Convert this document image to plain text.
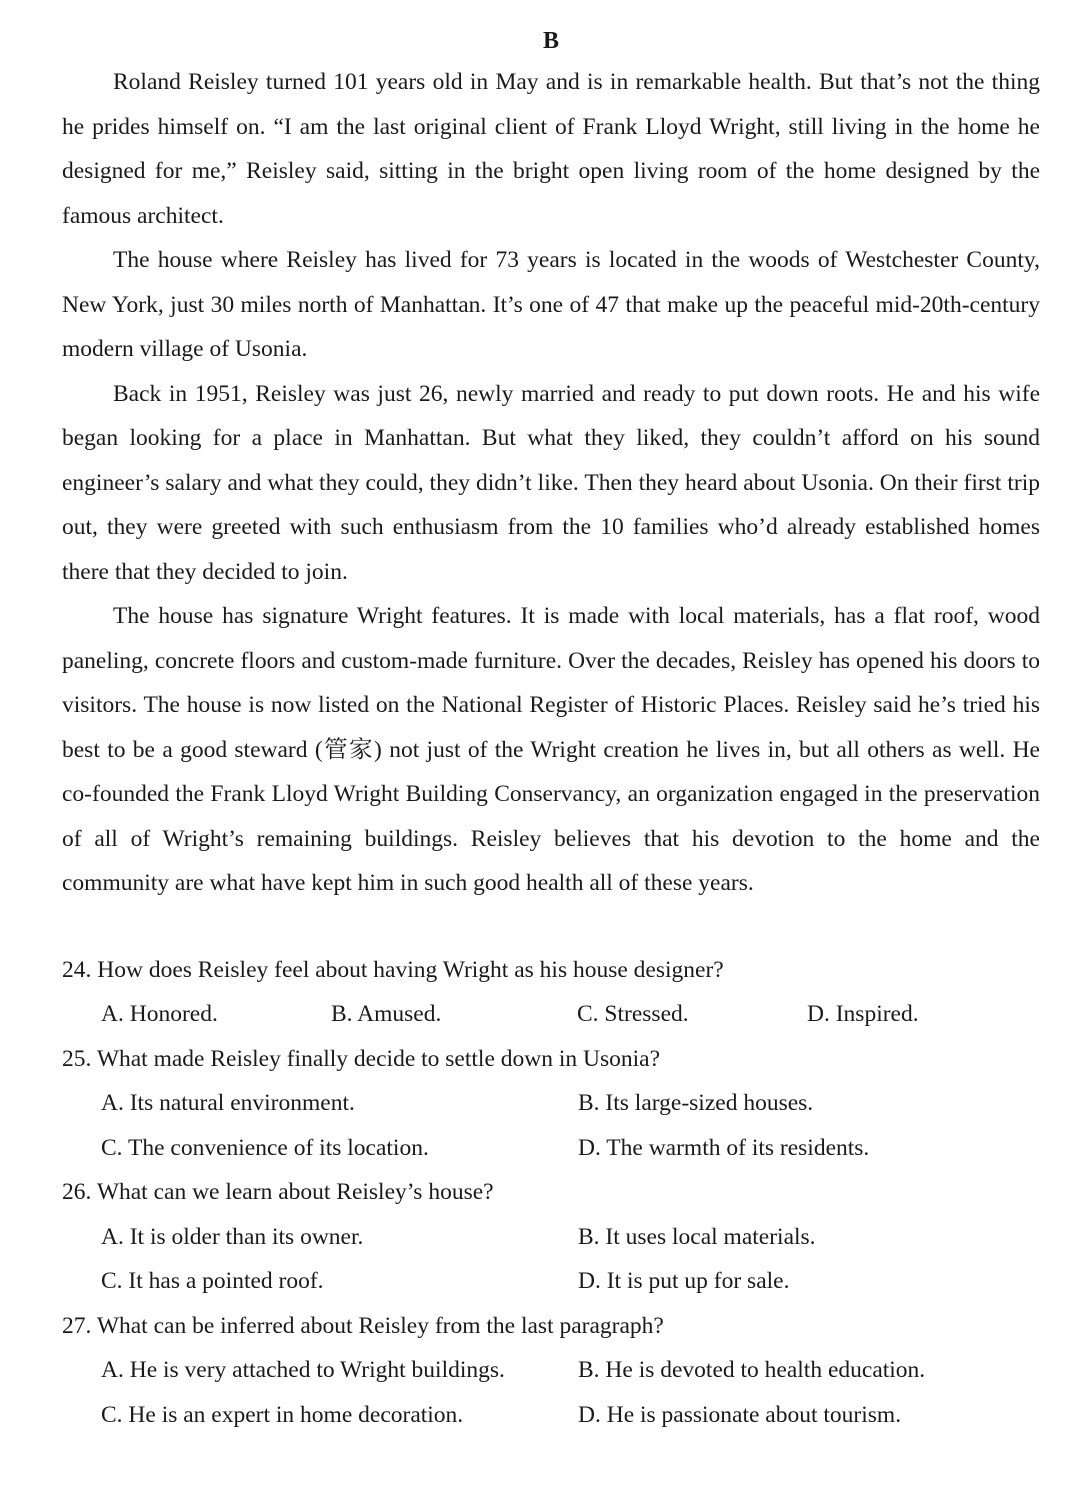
B

Roland Reisley turned 101 years old in May and is in remarkable health. But that’s not the thing he prides himself on. “I am the last original client of Frank Lloyd Wright, still living in the home he designed for me,” Reisley said, sitting in the bright open living room of the home designed by the famous architect.

The house where Reisley has lived for 73 years is located in the woods of Westchester County, New York, just 30 miles north of Manhattan. It’s one of 47 that make up the peaceful mid-20th-century modern village of Usonia.

Back in 1951, Reisley was just 26, newly married and ready to put down roots. He and his wife began looking for a place in Manhattan. But what they liked, they couldn’t afford on his sound engineer’s salary and what they could, they didn’t like. Then they heard about Usonia. On their first trip out, they were greeted with such enthusiasm from the 10 families who’d already established homes there that they decided to join.

The house has signature Wright features. It is made with local materials, has a flat roof, wood paneling, concrete floors and custom-made furniture. Over the decades, Reisley has opened his doors to visitors. The house is now listed on the National Register of Historic Places. Reisley said he’s tried his best to be a good steward (管家) not just of the Wright creation he lives in, but all others as well. He co-founded the Frank Lloyd Wright Building Conservancy, an organization engaged in the preservation of all of Wright’s remaining buildings. Reisley believes that his devotion to the home and the community are what have kept him in such good health all of these years.

24. How does Reisley feel about having Wright as his house designer?

A. Honored.	B. Amused.	C. Stressed.	D. Inspired.

25. What made Reisley finally decide to settle down in Usonia?

A. Its natural environment.	B. Its large-sized houses.
C. The convenience of its location.	D. The warmth of its residents.

26. What can we learn about Reisley’s house?

A. It is older than its owner.	B. It uses local materials.
C. It has a pointed roof.	D. It is put up for sale.

27. What can be inferred about Reisley from the last paragraph?

A. He is very attached to Wright buildings.	B. He is devoted to health education.
C. He is an expert in home decoration.	D. He is passionate about tourism.
